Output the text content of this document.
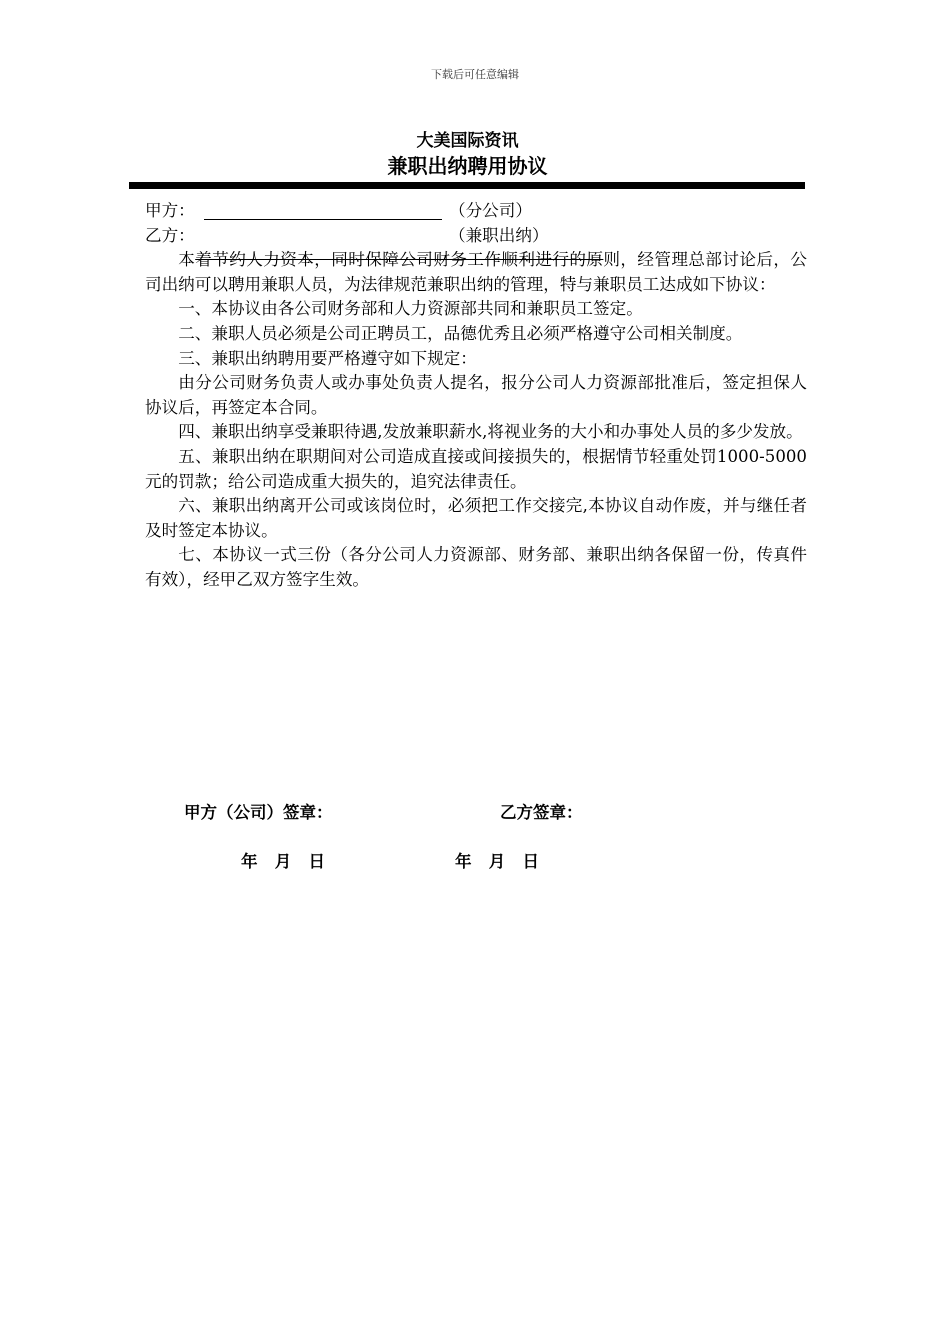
下载后可任意编辑
大美国际资讯
兼职出纳聘用协议
甲方：	（分公司）
乙方：	（兼职出纳）

本着节约人力资本，同时保障公司财务工作顺利进行的原则，经管理总部讨论后，公司出纳可以聘用兼职人员，为法律规范兼职出纳的管理，特与兼职员工达成如下协议：

一、本协议由各公司财务部和人力资源部共同和兼职员工签定。

二、兼职人员必须是公司正聘员工，品德优秀且必须严格遵守公司相关制度。

三、兼职出纳聘用要严格遵守如下规定：

由分公司财务负责人或办事处负责人提名，报分公司人力资源部批准后，签定担保人协议后，再签定本合同。

四、兼职出纳享受兼职待遇,发放兼职薪水,将视业务的大小和办事处人员的多少发放。

五、兼职出纳在职期间对公司造成直接或间接损失的，根据情节轻重处罚1000-5000元的罚款；给公司造成重大损失的，追究法律责任。

六、兼职出纳离开公司或该岗位时，必须把工作交接完,本协议自动作废，并与继任者及时签定本协议。

七、本协议一式三份（各分公司人力资源部、财务部、兼职出纳各保留一份，传真件有效），经甲乙双方签字生效。

甲方（公司）签章：	乙方签章：
年   月   日	年   月   日
